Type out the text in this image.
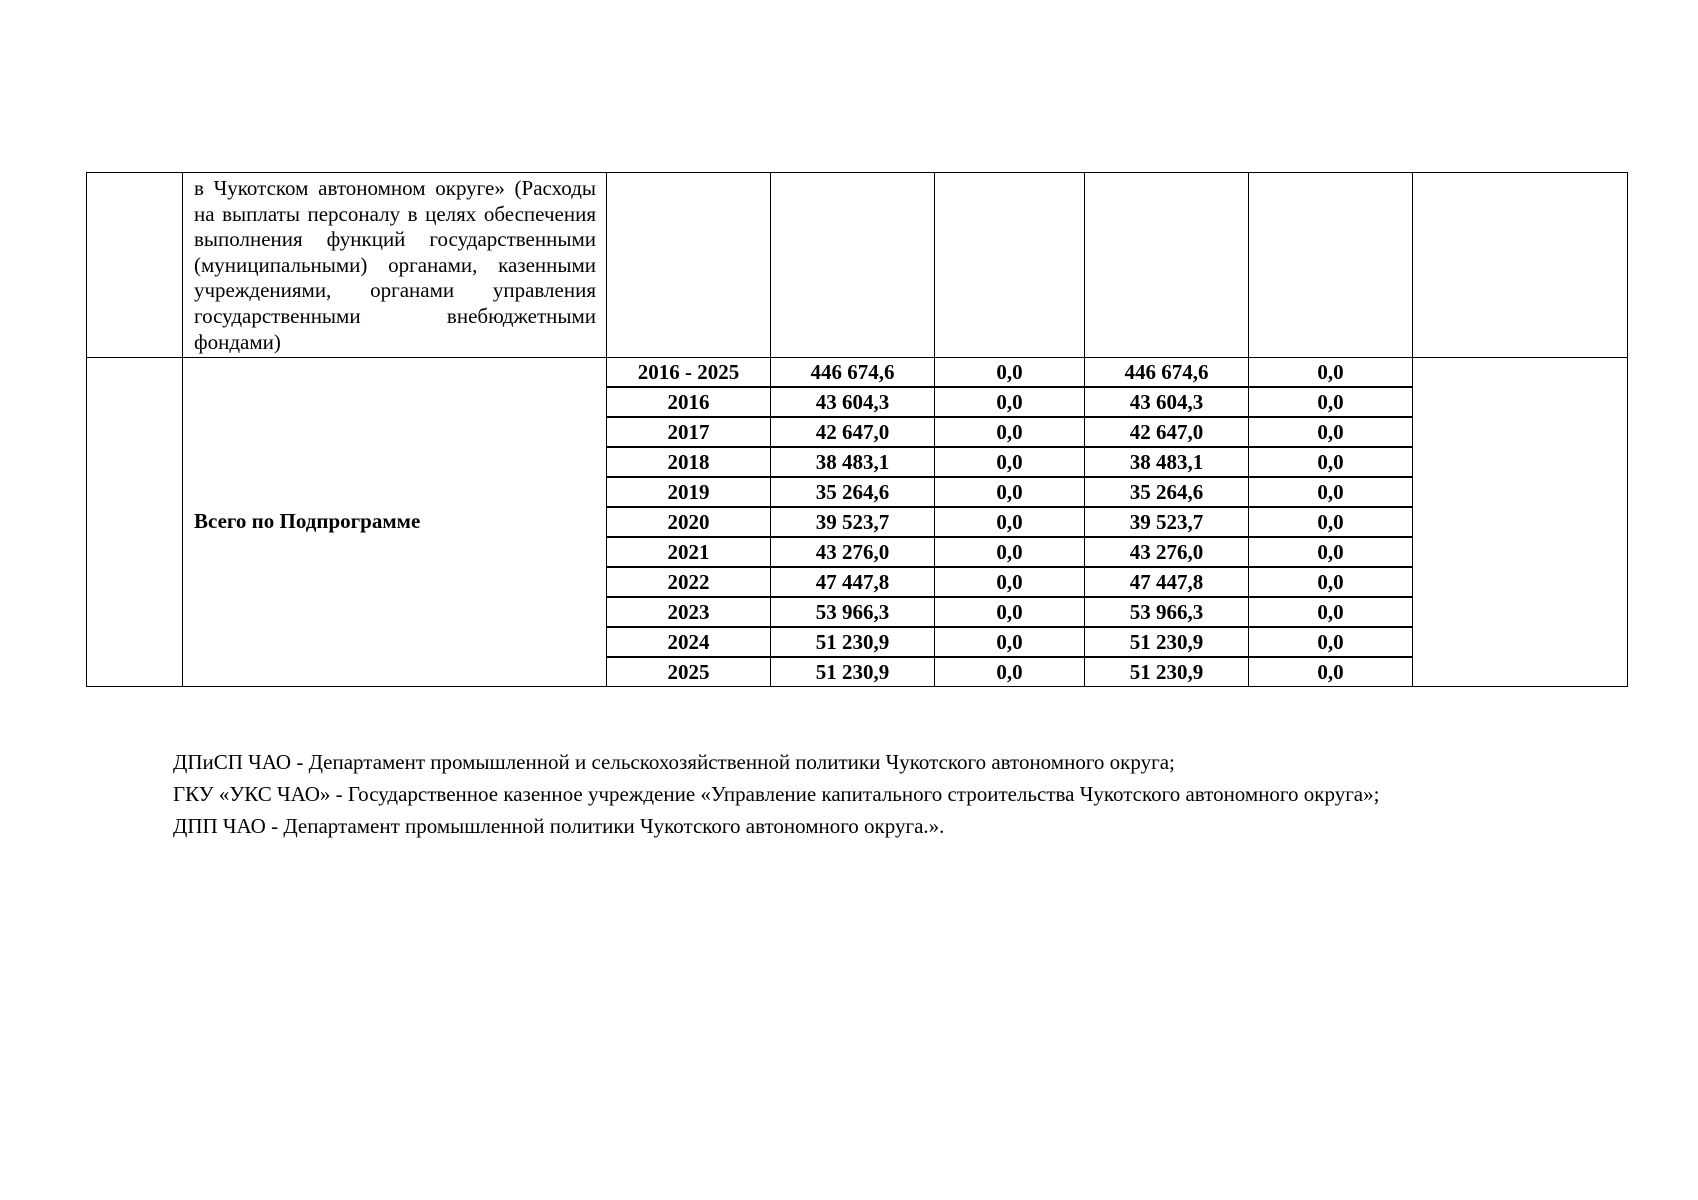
	в Чукотском автономном округе» (Расходы на выплаты персоналу в целях обеспечения выполнения функций государственными (муниципальными) органами, казенными учреждениями, органами управления государственными внебюджетными фондами)						

	Всего по Подпрограмме	2016 - 2025	446 674,6	0,0	446 674,6	0,0	
		2016	43 604,3	0,0	43 604,3	0,0	
		2017	42 647,0	0,0	42 647,0	0,0	
		2018	38 483,1	0,0	38 483,1	0,0	
		2019	35 264,6	0,0	35 264,6	0,0	
		2020	39 523,7	0,0	39 523,7	0,0	
		2021	43 276,0	0,0	43 276,0	0,0	
		2022	47 447,8	0,0	47 447,8	0,0	
		2023	53 966,3	0,0	53 966,3	0,0	
		2024	51 230,9	0,0	51 230,9	0,0	
		2025	51 230,9	0,0	51 230,9	0,0	

ДПиСП ЧАО - Департамент промышленной и сельскохозяйственной политики Чукотского автономного округа;

ГКУ «УКС ЧАО» - Государственное казенное учреждение «Управление капитального строительства Чукотского автономного округа»;

ДПП ЧАО - Департамент промышленной политики Чукотского автономного округа.».
